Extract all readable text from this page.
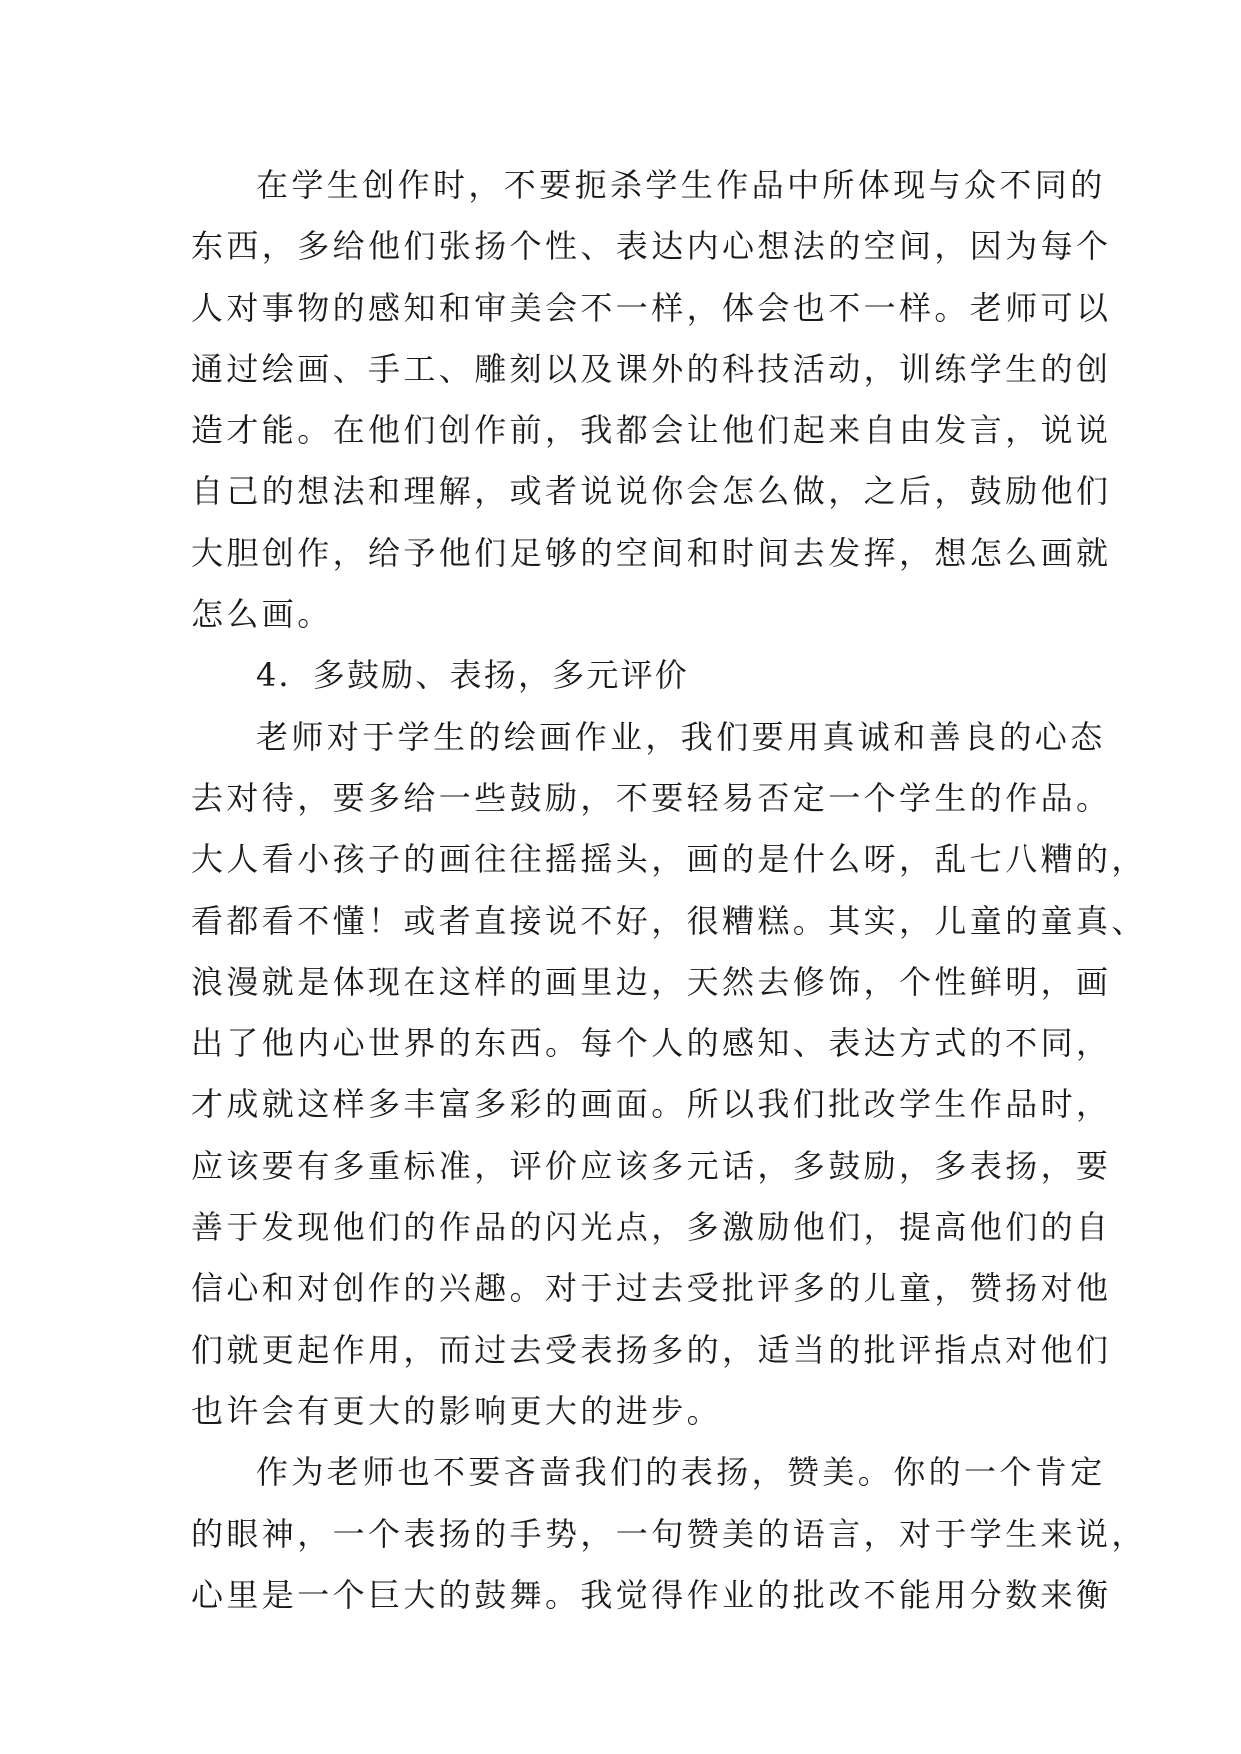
在学生创作时，不要扼杀学生作品中所体现与众不同的
东西，多给他们张扬个性、表达内心想法的空间，因为每个
人对事物的感知和审美会不一样，体会也不一样。老师可以
通过绘画、手工、雕刻以及课外的科技活动，训练学生的创
造才能。在他们创作前，我都会让他们起来自由发言，说说
自己的想法和理解，或者说说你会怎么做，之后，鼓励他们
大胆创作，给予他们足够的空间和时间去发挥，想怎么画就
怎么画。
4．多鼓励、表扬，多元评价
老师对于学生的绘画作业，我们要用真诚和善良的心态
去对待，要多给一些鼓励，不要轻易否定一个学生的作品。
大人看小孩子的画往往摇摇头，画的是什么呀，乱七八糟的，
看都看不懂！或者直接说不好，很糟糕。其实，儿童的童真、
浪漫就是体现在这样的画里边，天然去修饰，个性鲜明，画
出了他内心世界的东西。每个人的感知、表达方式的不同，
才成就这样多丰富多彩的画面。所以我们批改学生作品时，
应该要有多重标准，评价应该多元话，多鼓励，多表扬，要
善于发现他们的作品的闪光点，多激励他们，提高他们的自
信心和对创作的兴趣。对于过去受批评多的儿童，赞扬对他
们就更起作用，而过去受表扬多的，适当的批评指点对他们
也许会有更大的影响更大的进步。
作为老师也不要吝啬我们的表扬，赞美。你的一个肯定
的眼神，一个表扬的手势，一句赞美的语言，对于学生来说，
心里是一个巨大的鼓舞。我觉得作业的批改不能用分数来衡
